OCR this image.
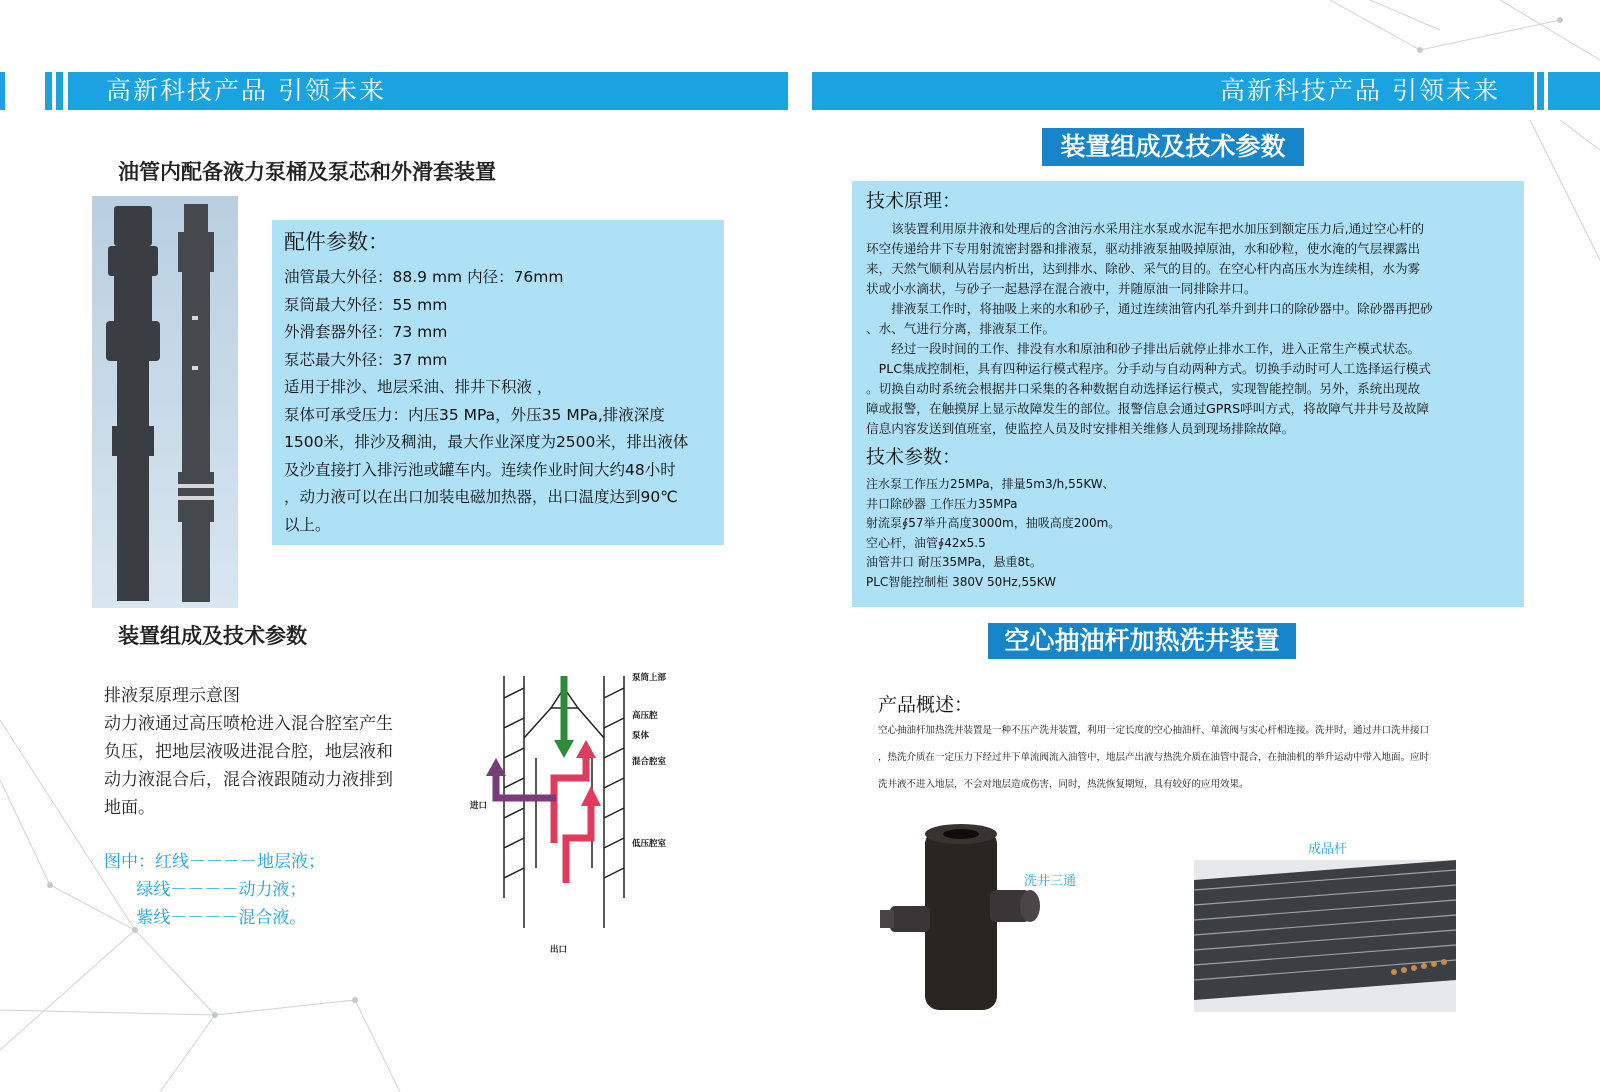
高新科技产品 引领未来	高新科技产品 引领未来
油管内配备液力泵桶及泵芯和外滑套装置

配件参数：

油管最大外径：88.9 mm 内径：76mm

泵筒最大外径：55 mm

外滑套器外径：73 mm

泵芯最大外径：37 mm

适用于排沙、地层采油、排井下积液 ，

泵体可承受压力：内压35 MPa，外压35 MPa,排液深度

1500米，排沙及稠油，最大作业深度为2500米，排出液体

及沙直接打入排污池或罐车内。连续作业时间大约48小时

，动力液可以在出口加装电磁加热器，出口温度达到90℃

以上。

装置组成及技术参数

排液泵原理示意图

动力液通过高压喷枪进入混合腔室产生

负压，把地层液吸进混合腔，地层液和

动力液混合后，混合液跟随动力液排到

地面。

图中：红线－－－－地层液；

绿线－－－－动力液；

紫线－－－－混合液。

泵筒上部
高压腔
泵体
混合腔室
低压腔室
进口
出口
装置组成及技术参数

技术原理：

　　该装置利用原井液和处理后的含油污水采用注水泵或水泥车把水加压到额定压力后,通过空心杆的

环空传递给井下专用射流密封器和排液泵，驱动排液泵抽吸掉原油，水和砂粒，使水淹的气层裸露出

来，天然气顺利从岩层内析出，达到排水、除砂、采气的目的。在空心杆内高压水为连续相，水为雾

状或小水滴状，与砂子一起悬浮在混合液中，并随原油一同排除井口。

　　排液泵工作时，将抽吸上来的水和砂子，通过连续油管内孔举升到井口的除砂器中。除砂器再把砂

、水、气进行分离，排液泵工作。

　　经过一段时间的工作、排没有水和原油和砂子排出后就停止排水工作，进入正常生产模式状态。

　PLC集成控制柜，具有四种运行模式程序。分手动与自动两种方式。切换手动时可人工选择运行模式

。切换自动时系统会根据井口采集的各种数据自动选择运行模式，实现智能控制。另外，系统出现故

障或报警，在触摸屏上显示故障发生的部位。报警信息会通过GPRS呼叫方式，将故障气井井号及故障

信息内容发送到值班室，使监控人员及时安排相关维修人员到现场排除故障。

技术参数：

注水泵工作压力25MPa，排量5m3/h,55KW、

井口除砂器 工作压力35MPa

射流泵∮57举升高度3000m，抽吸高度200m。

空心杆，油管∮42x5.5

油管井口 耐压35MPa，悬重8t。

PLC智能控制柜 380V 50Hz,55KW

空心抽油杆加热洗井装置
产品概述：

空心抽油杆加热洗井装置是一种不压产洗井装置，利用一定长度的空心抽油杆、单流阀与实心杆相连接。洗井时，通过井口洗井接口

，热洗介质在一定压力下经过井下单流阀流入油管中，地层产出液与热洗介质在油管中混合，在抽油机的举升运动中带入地面。应时

洗井液不进入地层，不会对地层造成伤害，同时，热洗恢复期短，具有较好的应用效果。

洗井三通
成品杆
